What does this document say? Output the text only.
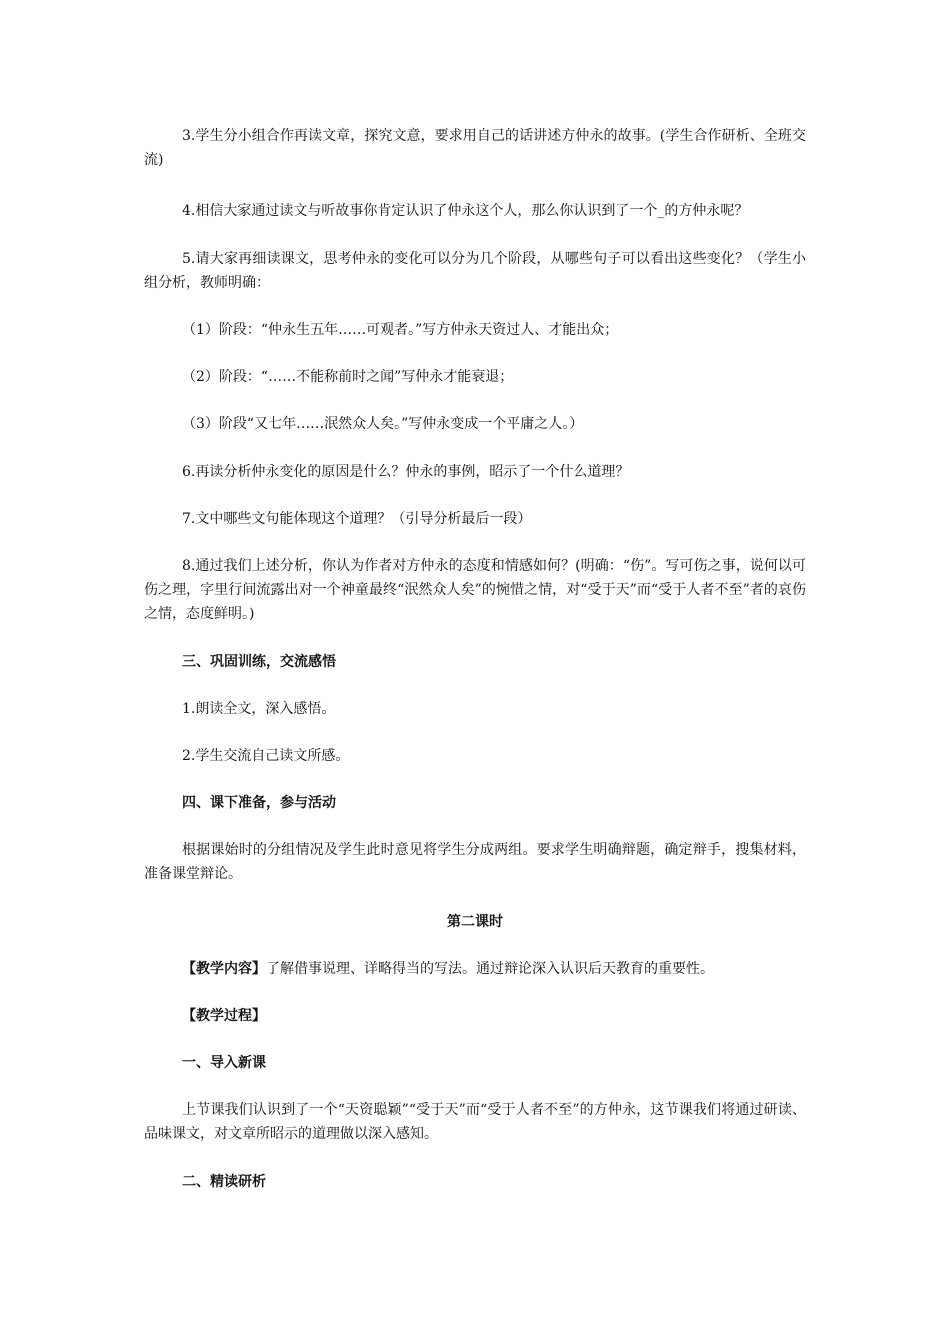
3.学生分小组合作再读文章，探究文意，要求用自己的话讲述方仲永的故事。(学生合作研析、全班交流)

4.相信大家通过读文与听故事你肯定认识了仲永这个人，那么你认识到了一个_的方仲永呢？

5.请大家再细读课文，思考仲永的变化可以分为几个阶段，从哪些句子可以看出这些变化？（学生小组分析，教师明确：

（1）阶段：“仲永生五年……可观者。”写方仲永天资过人、才能出众；

（2）阶段：“……不能称前时之闻”写仲永才能衰退；

（3）阶段“又七年……泯然众人矣。”写仲永变成一个平庸之人。）

6.再读分析仲永变化的原因是什么？仲永的事例，昭示了一个什么道理？

7.文中哪些文句能体现这个道理？（引导分析最后一段）

8.通过我们上述分析，你认为作者对方仲永的态度和情感如何？(明确：“伤”。写可伤之事，说何以可伤之理，字里行间流露出对一个神童最终“泯然众人矣”的惋惜之情，对“受于天”而“受于人者不至”者的哀伤之情，态度鲜明。)

三、巩固训练，交流感悟

1.朗读全文，深入感悟。

2.学生交流自己读文所感。

四、课下准备，参与活动

根据课始时的分组情况及学生此时意见将学生分成两组。要求学生明确辩题，确定辩手，搜集材料，准备课堂辩论。

第二课时

【教学内容】了解借事说理、详略得当的写法。通过辩论深入认识后天教育的重要性。

【教学过程】

一、导入新课

上节课我们认识到了一个“天资聪颖”“受于天”而“受于人者不至”的方仲永，这节课我们将通过研读、品味课文，对文章所昭示的道理做以深入感知。

二、精读研析
